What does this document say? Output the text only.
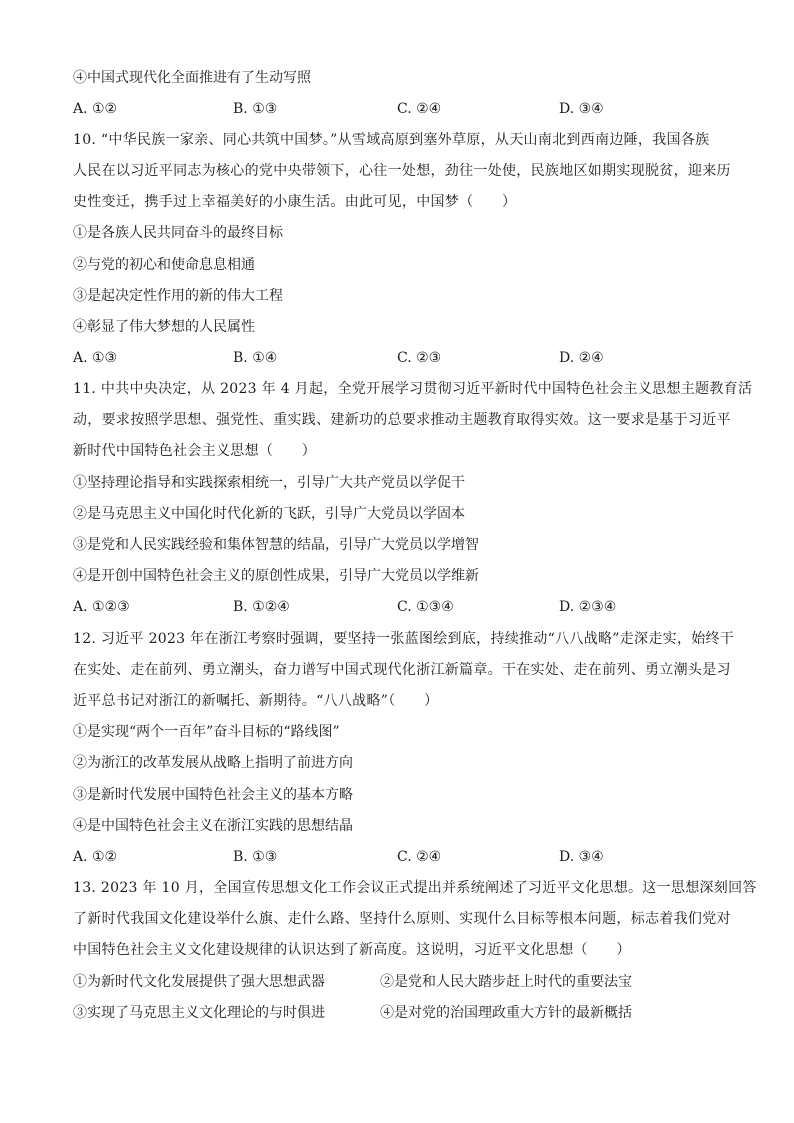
④中国式现代化全面推进有了生动写照
A. ①②	B. ①③	C. ②④	D. ③④
10. “中华民族一家亲、同心共筑中国梦。”从雪域高原到塞外草原，从天山南北到西南边陲，我国各族
人民在以习近平同志为核心的党中央带领下，心往一处想，劲往一处使，民族地区如期实现脱贫，迎来历
史性变迁，携手过上幸福美好的小康生活。由此可见，中国梦（　　）
①是各族人民共同奋斗的最终目标
②与党的初心和使命息息相通
③是起决定性作用的新的伟大工程
④彰显了伟大梦想的人民属性
A. ①③	B. ①④	C. ②③	D. ②④
11. 中共中央决定，从 2023 年 4 月起，全党开展学习贯彻习近平新时代中国特色社会主义思想主题教育活
动，要求按照学思想、强党性、重实践、建新功的总要求推动主题教育取得实效。这一要求是基于习近平
新时代中国特色社会主义思想（　　）
①坚持理论指导和实践探索相统一，引导广大共产党员以学促干
②是马克思主义中国化时代化新的飞跃，引导广大党员以学固本
③是党和人民实践经验和集体智慧的结晶，引导广大党员以学增智
④是开创中国特色社会主义的原创性成果，引导广大党员以学维新
A. ①②③	B. ①②④	C. ①③④	D. ②③④
12. 习近平 2023 年在浙江考察时强调，要坚持一张蓝图绘到底，持续推动“八八战略”走深走实，始终干
在实处、走在前列、勇立潮头，奋力谱写中国式现代化浙江新篇章。干在实处、走在前列、勇立潮头是习
近平总书记对浙江的新嘱托、新期待。“八八战略”（　　）
①是实现“两个一百年”奋斗目标的“路线图”
②为浙江的改革发展从战略上指明了前进方向
③是新时代发展中国特色社会主义的基本方略
④是中国特色社会主义在浙江实践的思想结晶
A. ①②	B. ①③	C. ②④	D. ③④
13. 2023 年 10 月，全国宣传思想文化工作会议正式提出并系统阐述了习近平文化思想。这一思想深刻回答
了新时代我国文化建设举什么旗、走什么路、坚持什么原则、实现什么目标等根本问题，标志着我们党对
中国特色社会主义文化建设规律的认识达到了新高度。这说明，习近平文化思想（　　）
①为新时代文化发展提供了强大思想武器	②是党和人民大踏步赶上时代的重要法宝
③实现了马克思主义文化理论的与时俱进	④是对党的治国理政重大方针的最新概括
